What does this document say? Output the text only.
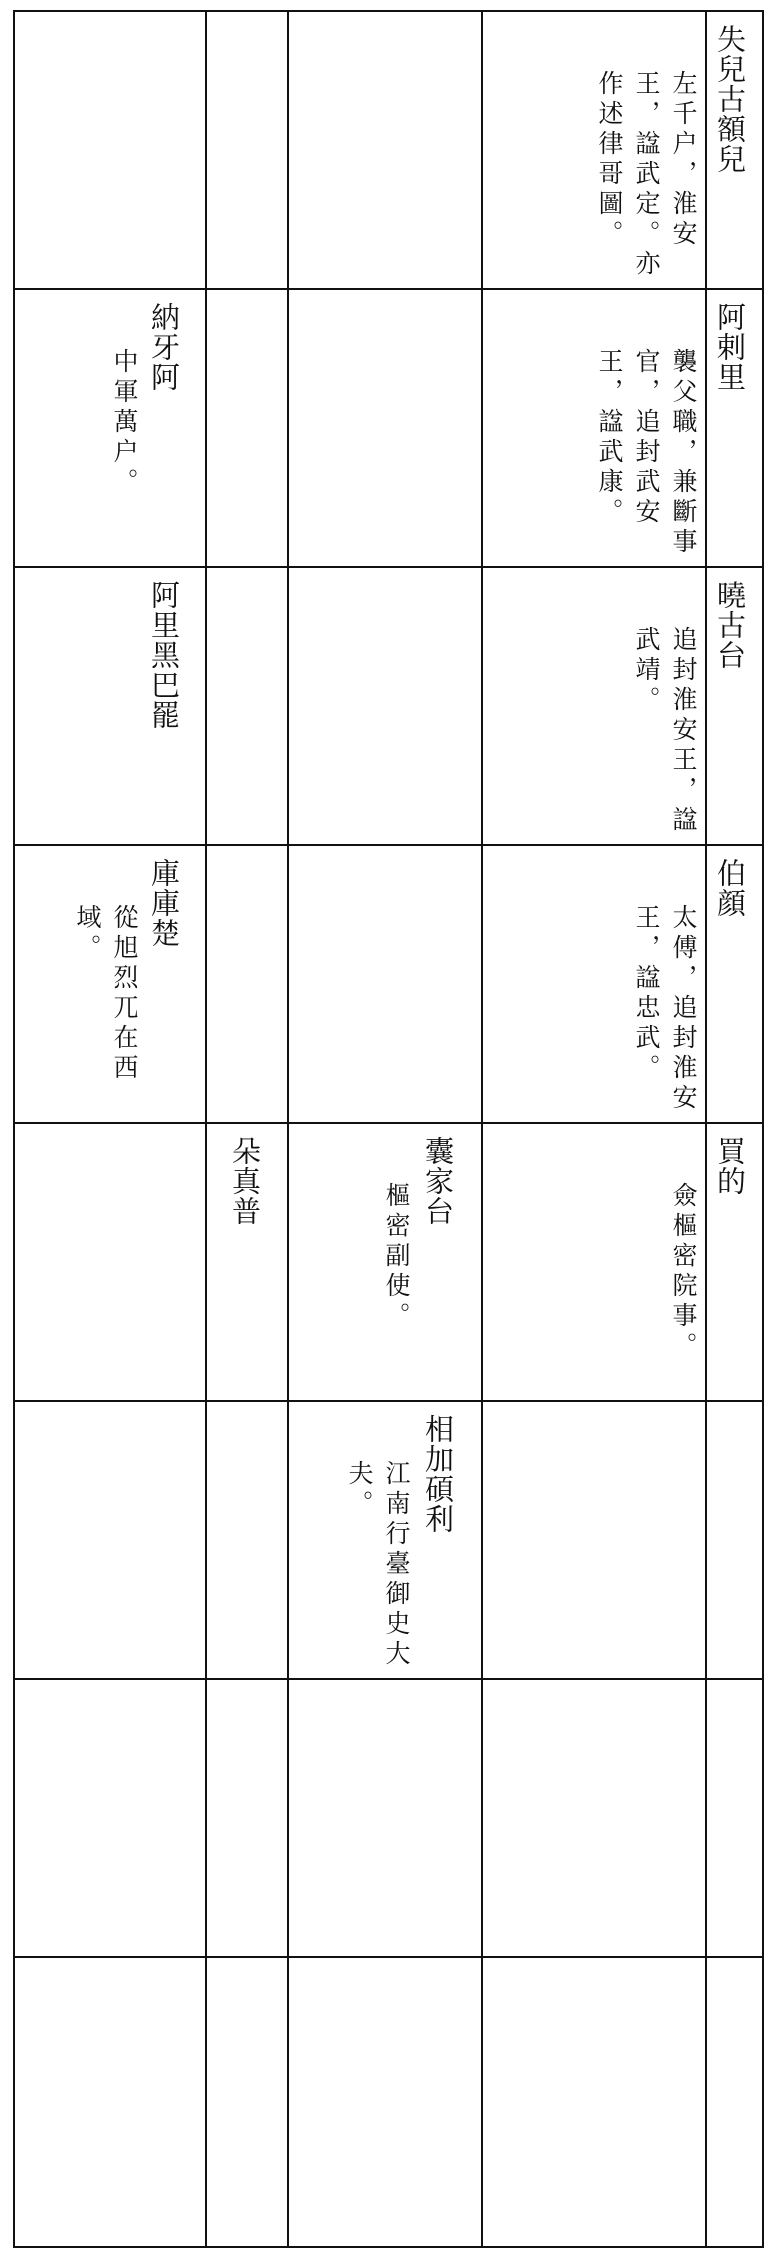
失兒古額兒
左千户，淮安王，諡武定。亦作述律哥圖。
阿剌里
襲父職，兼斷事官，追封武安王，諡武康。
納牙阿
中軍萬户。
曉古台
追封淮安王，諡武靖。
阿里黑巴罷
伯顔
太傅，追封淮安王，諡忠武。
庫庫楚
從旭烈兀在西域。
買的
僉樞密院事。
囊家台
樞密副使。
朵真普
相加碩利
江南行臺御史大夫。
